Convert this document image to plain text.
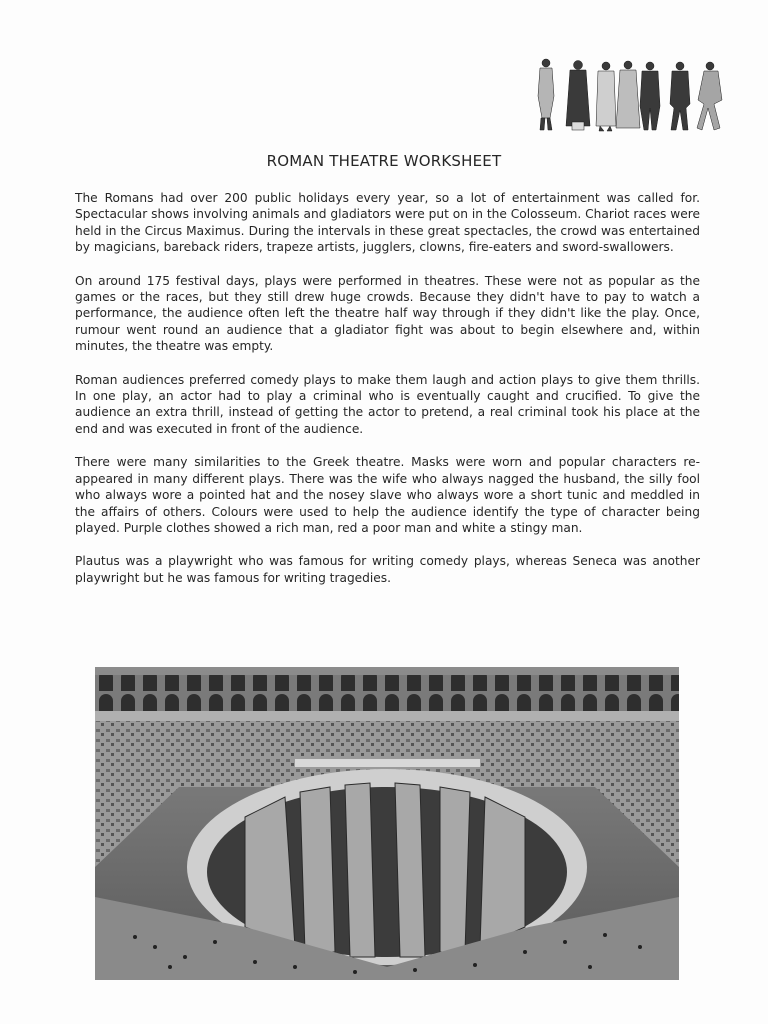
ROMAN THEATRE WORKSHEET

The Romans had over 200 public holidays every year, so a lot of entertainment was called for. Spectacular shows involving animals and gladiators were put on in the Colosseum. Chariot races were held in the Circus Maximus. During the intervals in these great spectacles, the crowd was entertained by magicians, bareback riders, trapeze artists, jugglers, clowns, fire-eaters and sword-swallowers.

On around 175 festival days, plays were performed in theatres. These were not as popular as the games or the races, but they still drew huge crowds. Because they didn't have to pay to watch a performance, the audience often left the theatre half way through if they didn't like the play. Once, rumour went round an audience that a gladiator fight was about to begin elsewhere and, within minutes, the theatre was empty.

Roman audiences preferred comedy plays to make them laugh and action plays to give them thrills. In one play, an actor had to play a criminal who is eventually caught and crucified. To give the audience an extra thrill, instead of getting the actor to pretend, a real criminal took his place at the end and was executed in front of the audience.

There were many similarities to the Greek theatre. Masks were worn and popular characters re-appeared in many different plays. There was the wife who always nagged the husband, the silly fool who always wore a pointed hat and the nosey slave who always wore a short tunic and meddled in the affairs of others. Colours were used to help the audience identify the type of character being played. Purple clothes showed a rich man, red a poor man and white a stingy man.

Plautus was a playwright who was famous for writing comedy plays, whereas Seneca was another playwright but he was famous for writing tragedies.
